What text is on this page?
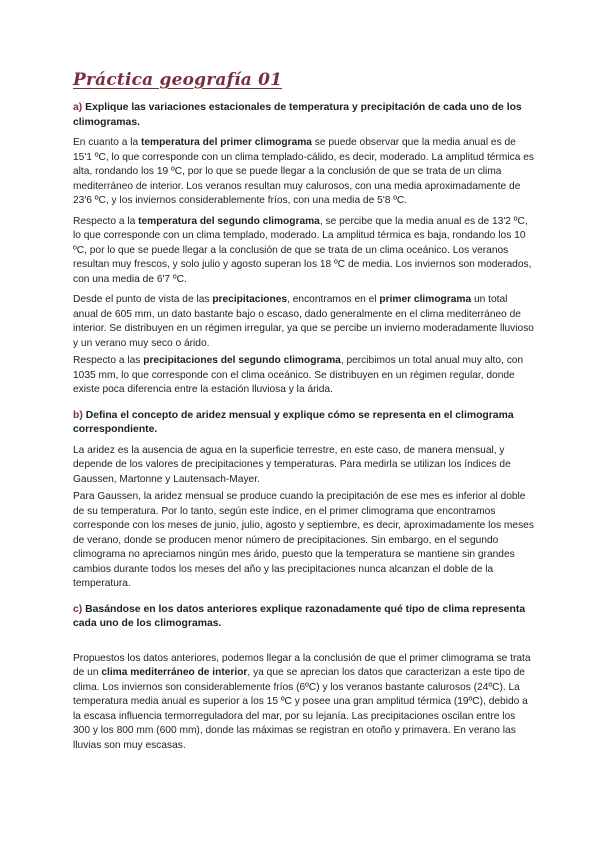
Práctica geografía 01

a) Explique las variaciones estacionales de temperatura y precipitación de cada uno de los climogramas.

En cuanto a la temperatura del primer climograma se puede observar que la media anual es de 15'1 ºC, lo que corresponde con un clima templado-cálido, es decir, moderado. La amplitud térmica es alta, rondando los 19 ºC, por lo que se puede llegar a la conclusión de que se trata de un clima mediterráneo de interior. Los veranos resultan muy calurosos, con una media aproximadamente de 23'6 ºC, y los inviernos considerablemente fríos, con una media de 5'8 ºC.

Respecto a la temperatura del segundo climograma, se percibe que la media anual es de 13'2 ºC, lo que corresponde con un clima templado, moderado. La amplitud térmica es baja, rondando los 10 ºC, por lo que se puede llegar a la conclusión de que se trata de un clima oceánico. Los veranos resultan muy frescos, y solo julio y agosto superan los 18 ºC de media. Los inviernos son moderados, con una media de 6'7 ºC.

Desde el punto de vista de las precipitaciones, encontramos en el primer climograma un total anual de 605 mm, un dato bastante bajo o escaso, dado generalmente en el clima mediterráneo de interior. Se distribuyen en un régimen irregular, ya que se percibe un invierno moderadamente lluvioso y un verano muy seco o árido.

Respecto a las precipitaciones del segundo climograma, percibimos un total anual muy alto, con 1035 mm, lo que corresponde con el clima oceánico. Se distribuyen en un régimen regular, donde existe poca diferencia entre la estación lluviosa y la árida.

b) Defina el concepto de aridez mensual y explique cómo se representa en el climograma correspondiente.

La aridez es la ausencia de agua en la superficie terrestre, en este caso, de manera mensual, y depende de los valores de precipitaciones y temperaturas. Para medirla se utilizan los índices de Gaussen, Martonne y Lautensach-Mayer.

Para Gaussen, la aridez mensual se produce cuando la precipitación de ese mes es inferior al doble de su temperatura. Por lo tanto, según este índice, en el primer climograma que encontramos corresponde con los meses de junio, julio, agosto y septiembre, es decir, aproximadamente los meses de verano, donde se producen menor número de precipitaciones. Sin embargo, en el segundo climograma no apreciamos ningún mes árido, puesto que la temperatura se mantiene sin grandes cambios durante todos los meses del año y las precipitaciones nunca alcanzan el doble de la temperatura.

c) Basándose en los datos anteriores explique razonadamente qué tipo de clima representa cada uno de los climogramas.

Propuestos los datos anteriores, podemos llegar a la conclusión de que el primer climograma se trata de un clima mediterráneo de interior, ya que se aprecian los datos que caracterizan a este tipo de clima. Los inviernos son considerablemente fríos (6ºC) y los veranos bastante calurosos (24ºC). La temperatura media anual es superior a los 15 ºC y posee una gran amplitud térmica (19ºC), debido a la escasa influencia termorreguladora del mar, por su lejanía. Las precipitaciones oscilan entre los 300 y los 800 mm (600 mm), donde las máximas se registran en otoño y primavera. En verano las lluvias son muy escasas.
